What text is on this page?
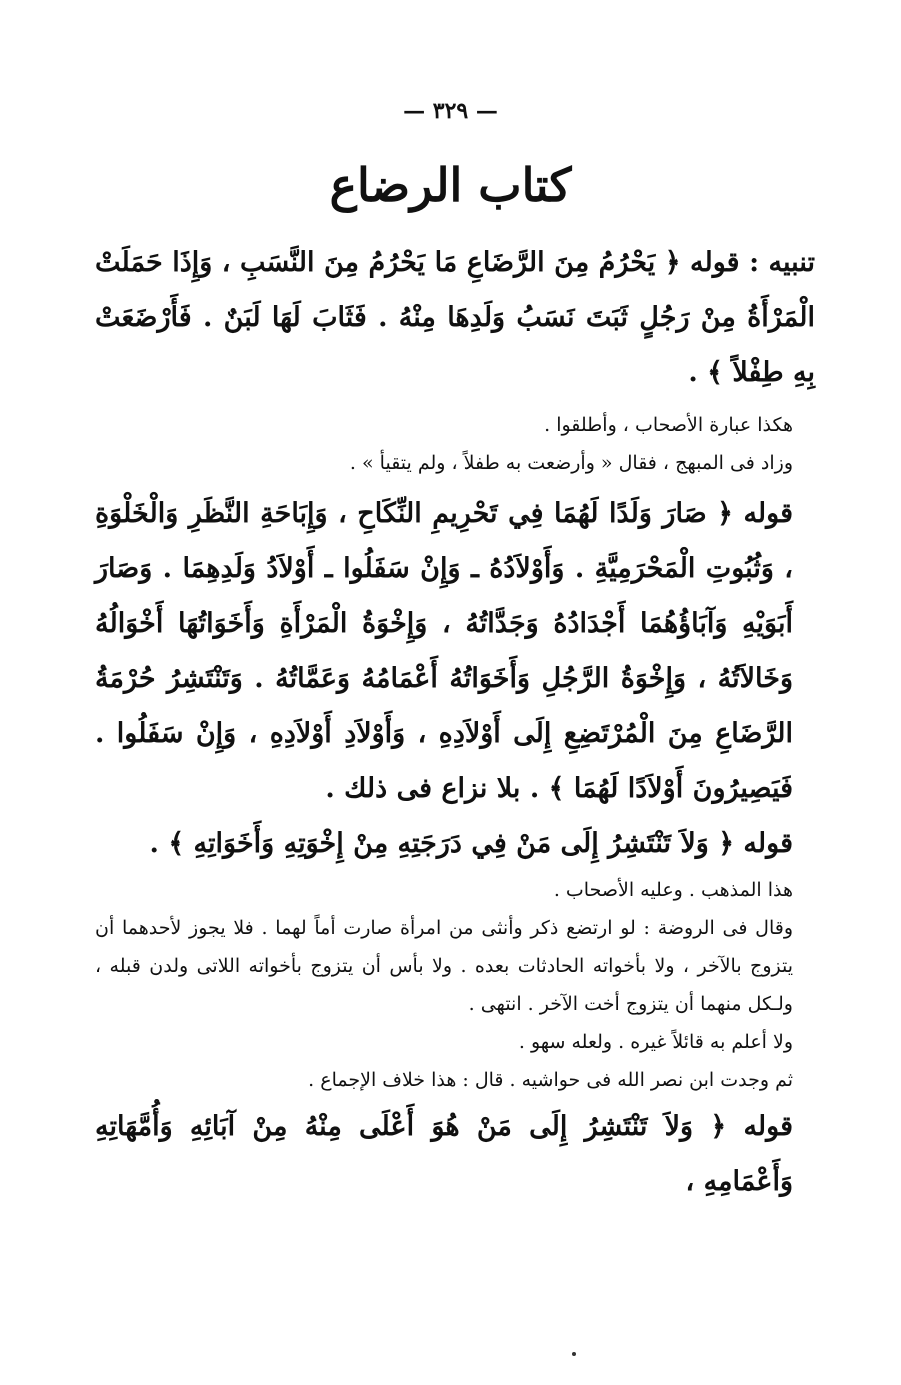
— ٣٢٩ —
كتاب الرضاع

تنبيه : قوله ﴿ يَحْرُمُ مِنَ الرَّضَاعِ مَا يَحْرُمُ مِنَ النَّسَبِ ، وَإِذَا حَمَلَتْ الْمَرْأَةُ مِنْ رَجُلٍ ثَبَتَ نَسَبُ وَلَدِهَا مِنْهُ . فَثَابَ لَهَا لَبَنٌ . فَأَرْضَعَتْ بِهِ طِفْلاً ﴾ .

هكذا عبارة الأصحاب ، وأطلقوا .

وزاد فى المبهج ، فقال « وأرضعت به طفلاً ، ولم يتقيأ » .

قوله ﴿ صَارَ وَلَدًا لَهُمَا فِي تَحْرِيمِ النِّكَاحِ ، وَإِبَاحَةِ النَّظَرِ وَالْخَلْوَةِ ، وَثُبُوتِ الْمَحْرَمِيَّةِ . وَأَوْلاَدُهُ ـ وَإِنْ سَفَلُوا ـ أَوْلاَدُ وَلَدِهِمَا . وَصَارَ أَبَوَيْهِ وَآبَاؤُهُمَا أَجْدَادُهُ وَجَدَّاتُهُ ، وَإِخْوَةُ الْمَرْأَةِ وَأَخَوَاتُهَا أَخْوَالُهُ وَخَالاَتُهُ ، وَإِخْوَةُ الرَّجُلِ وَأَخَوَاتُهُ أَعْمَامُهُ وَعَمَّاتُهُ . وَتَنْتَشِرُ حُرْمَةُ الرَّضَاعِ مِنَ الْمُرْتَضِعِ إِلَى أَوْلاَدِهِ ، وَأَوْلاَدِ أَوْلاَدِهِ ، وَإِنْ سَفَلُوا . فَيَصِيرُونَ أَوْلاَدًا لَهُمَا ﴾ . بلا نزاع فى ذلك .

قوله ﴿ وَلاَ تَنْتَشِرُ إِلَى مَنْ فِي دَرَجَتِهِ مِنْ إِخْوَتِهِ وَأَخَوَاتِهِ ﴾ .

هذا المذهب . وعليه الأصحاب .

وقال فى الروضة : لو ارتضع ذكر وأنثى من امرأة صارت أماً لهما . فلا يجوز لأحدهما أن يتزوج بالآخر ، ولا بأخواته الحادثات بعده . ولا بأس أن يتزوج بأخواته اللاتى ولدن قبله ، ولـكل منهما أن يتزوج أخت الآخر . انتهى .

ولا أعلم به قائلاً غيره . ولعله سهو .

ثم وجدت ابن نصر الله فى حواشيه . قال : هذا خلاف الإجماع .

قوله ﴿ وَلاَ تَنْتَشِرُ إِلَى مَنْ هُوَ أَعْلَى مِنْهُ مِنْ آبَائِهِ وَأُمَّهَاتِهِ وَأَعْمَامِهِ ،
